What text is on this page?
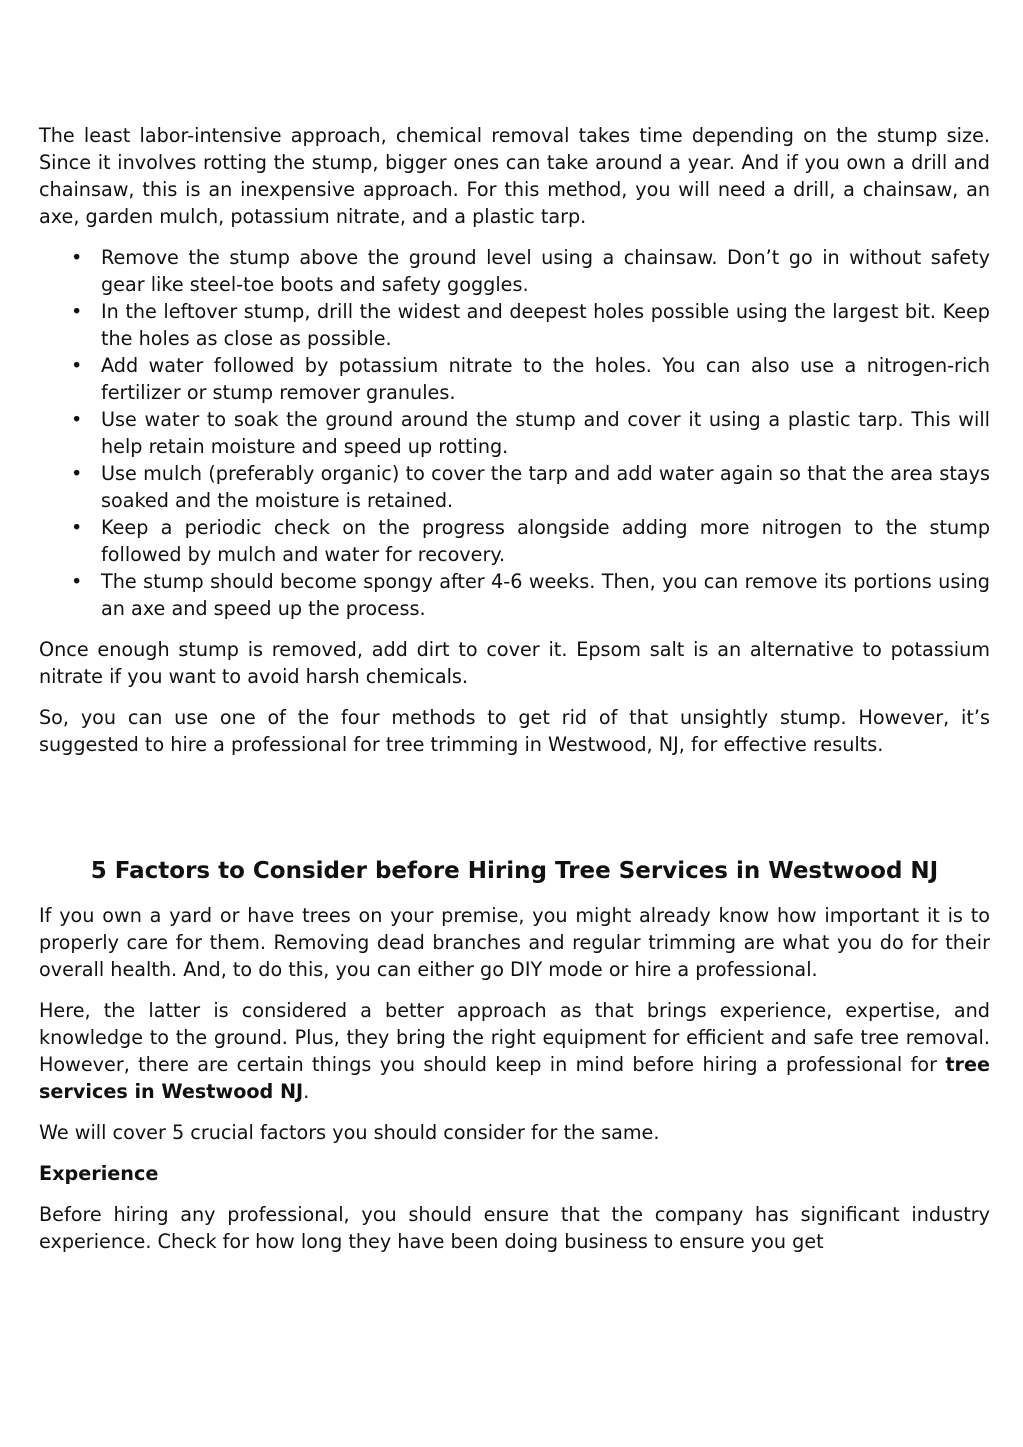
The least labor-intensive approach, chemical removal takes time depending on the stump size. Since it involves rotting the stump, bigger ones can take around a year. And if you own a drill and chainsaw, this is an inexpensive approach. For this method, you will need a drill, a chainsaw, an axe, garden mulch, potassium nitrate, and a plastic tarp.

• Remove the stump above the ground level using a chainsaw. Don’t go in without safety gear like steel-toe boots and safety goggles.
• In the leftover stump, drill the widest and deepest holes possible using the largest bit. Keep the holes as close as possible.
• Add water followed by potassium nitrate to the holes. You can also use a nitrogen-rich fertilizer or stump remover granules.
• Use water to soak the ground around the stump and cover it using a plastic tarp. This will help retain moisture and speed up rotting.
• Use mulch (preferably organic) to cover the tarp and add water again so that the area stays soaked and the moisture is retained.
• Keep a periodic check on the progress alongside adding more nitrogen to the stump followed by mulch and water for recovery.
• The stump should become spongy after 4-6 weeks. Then, you can remove its portions using an axe and speed up the process.

Once enough stump is removed, add dirt to cover it. Epsom salt is an alternative to potassium nitrate if you want to avoid harsh chemicals.

So, you can use one of the four methods to get rid of that unsightly stump. However, it’s suggested to hire a professional for tree trimming in Westwood, NJ, for effective results.

5 Factors to Consider before Hiring Tree Services in Westwood NJ

If you own a yard or have trees on your premise, you might already know how important it is to properly care for them. Removing dead branches and regular trimming are what you do for their overall health. And, to do this, you can either go DIY mode or hire a professional.

Here, the latter is considered a better approach as that brings experience, expertise, and knowledge to the ground. Plus, they bring the right equipment for efficient and safe tree removal. However, there are certain things you should keep in mind before hiring a professional for tree services in Westwood NJ.

We will cover 5 crucial factors you should consider for the same.

Experience

Before hiring any professional, you should ensure that the company has significant industry experience. Check for how long they have been doing business to ensure you get
